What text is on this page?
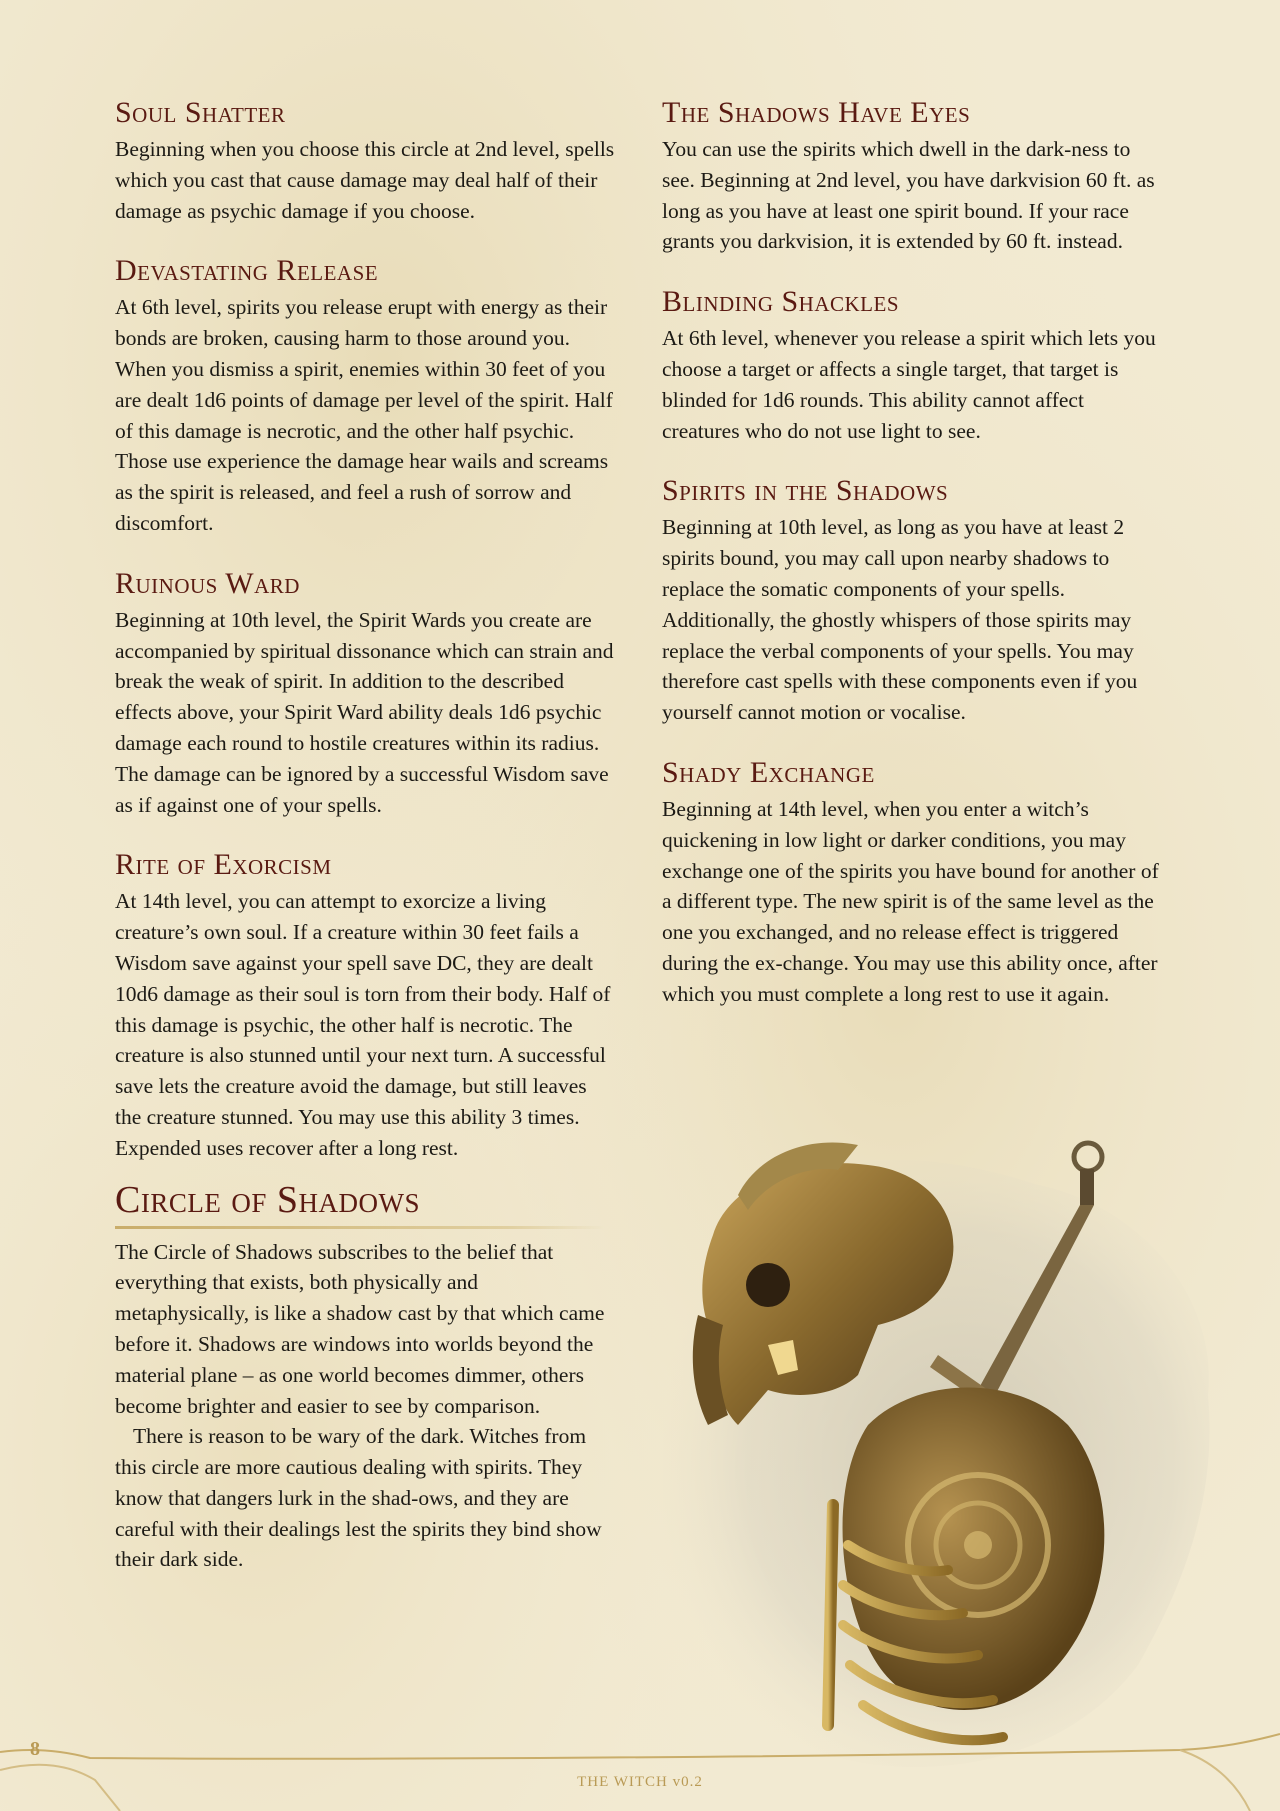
Soul Shatter

Beginning when you choose this circle at 2nd level, spells which you cast that cause damage may deal half of their damage as psychic damage if you choose.

Devastating Release

At 6th level, spirits you release erupt with energy as their bonds are broken, causing harm to those around you. When you dismiss a spirit, enemies within 30 feet of you are dealt 1d6 points of damage per level of the spirit. Half of this damage is necrotic, and the other half psychic. Those use experience the damage hear wails and screams as the spirit is released, and feel a rush of sorrow and discomfort.

Ruinous Ward

Beginning at 10th level, the Spirit Wards you create are accompanied by spiritual dissonance which can strain and break the weak of spirit. In addition to the described effects above, your Spirit Ward ability deals 1d6 psychic damage each round to hostile creatures within its radius. The damage can be ignored by a successful Wisdom save as if against one of your spells.

Rite of Exorcism

At 14th level, you can attempt to exorcize a living creature’s own soul. If a creature within 30 feet fails a Wisdom save against your spell save DC, they are dealt 10d6 damage as their soul is torn from their body. Half of this damage is psychic, the other half is necrotic. The creature is also stunned until your next turn. A successful save lets the creature avoid the damage, but still leaves the creature stunned. You may use this ability 3 times. Expended uses recover after a long rest.

Circle of Shadows

The Circle of Shadows subscribes to the belief that everything that exists, both physically and metaphysically, is like a shadow cast by that which came before it. Shadows are windows into worlds beyond the material plane – as one world becomes dimmer, others become brighter and easier to see by comparison.

There is reason to be wary of the dark. Witches from this circle are more cautious dealing with spirits. They know that dangers lurk in the shad-ows, and they are careful with their dealings lest the spirits they bind show their dark side.

The Shadows Have Eyes

You can use the spirits which dwell in the dark-ness to see. Beginning at 2nd level, you have darkvision 60 ft. as long as you have at least one spirit bound. If your race grants you darkvision, it is extended by 60 ft. instead.

Blinding Shackles

At 6th level, whenever you release a spirit which lets you choose a target or affects a single target, that target is blinded for 1d6 rounds. This ability cannot affect creatures who do not use light to see.

Spirits in the Shadows

Beginning at 10th level, as long as you have at least 2 spirits bound, you may call upon nearby shadows to replace the somatic components of your spells. Additionally, the ghostly whispers of those spirits may replace the verbal components of your spells. You may therefore cast spells with these components even if you yourself cannot motion or vocalise.

Shady Exchange

Beginning at 14th level, when you enter a witch’s quickening in low light or darker conditions, you may exchange one of the spirits you have bound for another of a different type. The new spirit is of the same level as the one you exchanged, and no release effect is triggered during the ex-change. You may use this ability once, after which you must complete a long rest to use it again.

8
THE WITCH v0.2
